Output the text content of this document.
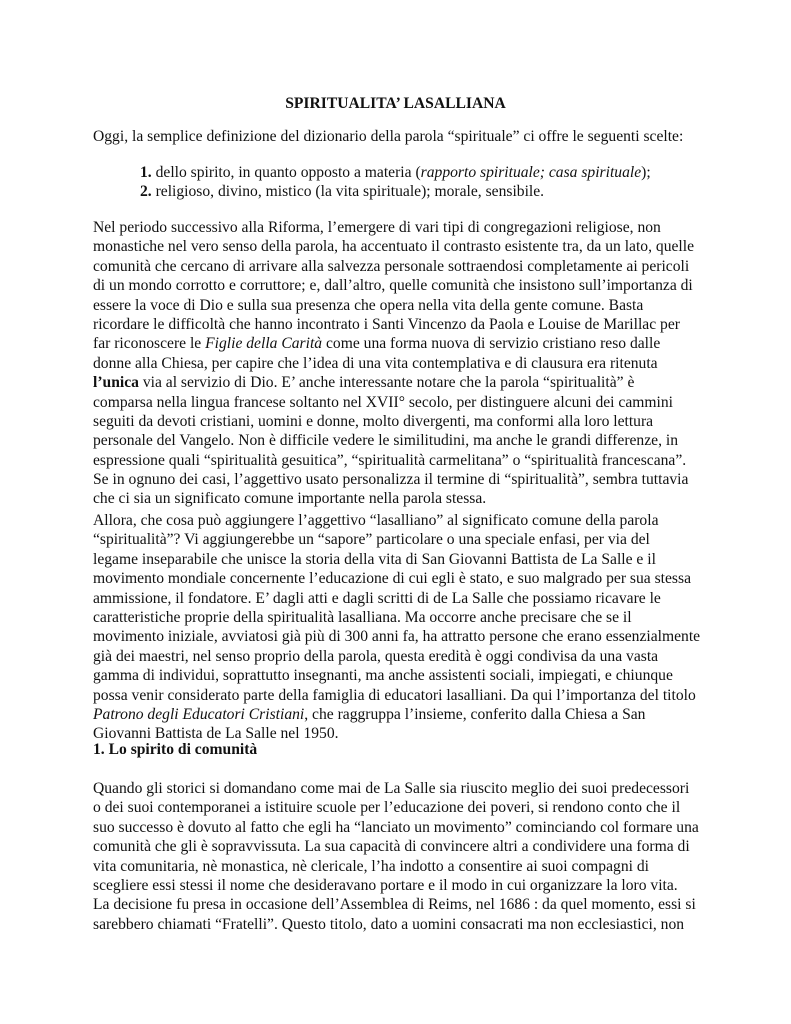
SPIRITUALITA’ LASALLIANA
Oggi, la semplice definizione del dizionario della parola “spirituale” ci offre le seguenti scelte:
1. dello spirito, in quanto opposto a materia (rapporto spirituale; casa spirituale);
2. religioso, divino, mistico (la vita spirituale); morale, sensibile.
Nel periodo successivo alla Riforma, l’emergere di vari tipi di congregazioni religiose, non
monastiche nel vero senso della parola, ha accentuato il contrasto esistente tra, da un lato, quelle
comunità che cercano di arrivare alla salvezza personale sottraendosi completamente ai pericoli
di un mondo corrotto e corruttore; e, dall’altro, quelle comunità che insistono sull’importanza di
essere la voce di Dio e sulla sua presenza che opera nella vita della gente comune. Basta
ricordare le difficoltà che hanno incontrato i Santi Vincenzo da Paola e Louise de Marillac per
far riconoscere le Figlie della Carità come una forma nuova di servizio cristiano reso dalle
donne alla Chiesa, per capire che l’idea di una vita contemplativa e di clausura era ritenuta
l’unica via al servizio di Dio. E’ anche interessante notare che la parola “spiritualità” è
comparsa nella lingua francese soltanto nel XVII° secolo, per distinguere alcuni dei cammini
seguiti da devoti cristiani, uomini e donne, molto divergenti, ma conformi alla loro lettura
personale del Vangelo. Non è difficile vedere le similitudini, ma anche le grandi differenze, in
espressione quali “spiritualità gesuitica”, “spiritualità carmelitana” o “spiritualità francescana”.
Se in ognuno dei casi, l’aggettivo usato personalizza il termine di “spiritualità”, sembra tuttavia
che ci sia un significato comune importante nella parola stessa.
Allora, che cosa può aggiungere l’aggettivo “lasalliano” al significato comune della parola
“spiritualità”? Vi aggiungerebbe un “sapore” particolare o una speciale enfasi, per via del
legame inseparabile che unisce la storia della vita di San Giovanni Battista de La Salle e il
movimento mondiale concernente l’educazione di cui egli è stato, e suo malgrado per sua stessa
ammissione, il fondatore. E’ dagli atti e dagli scritti di de La Salle che possiamo ricavare le
caratteristiche proprie della spiritualità lasalliana. Ma occorre anche precisare che se il
movimento iniziale, avviatosi già più di 300 anni fa, ha attratto persone che erano essenzialmente
già dei maestri, nel senso proprio della parola, questa eredità è oggi condivisa da una vasta
gamma di individui, soprattutto insegnanti, ma anche assistenti sociali, impiegati, e chiunque
possa venir considerato parte della famiglia di educatori lasalliani. Da qui l’importanza del titolo
Patrono degli Educatori Cristiani, che raggruppa l’insieme, conferito dalla Chiesa a San
Giovanni Battista de La Salle nel 1950.
1. Lo spirito di comunità
Quando gli storici si domandano come mai de La Salle sia riuscito meglio dei suoi predecessori
o dei suoi contemporanei a istituire scuole per l’educazione dei poveri, si rendono conto che il
suo successo è dovuto al fatto che egli ha “lanciato un movimento” cominciando col formare una
comunità che gli è sopravvissuta. La sua capacità di convincere altri a condividere una forma di
vita comunitaria, nè monastica, nè clericale, l’ha indotto a consentire ai suoi compagni di
scegliere essi stessi il nome che desideravano portare e il modo in cui organizzare la loro vita.
La decisione fu presa in occasione dell’Assemblea di Reims, nel 1686 : da quel momento, essi si
sarebbero chiamati “Fratelli”. Questo titolo, dato a uomini consacrati ma non ecclesiastici, non
